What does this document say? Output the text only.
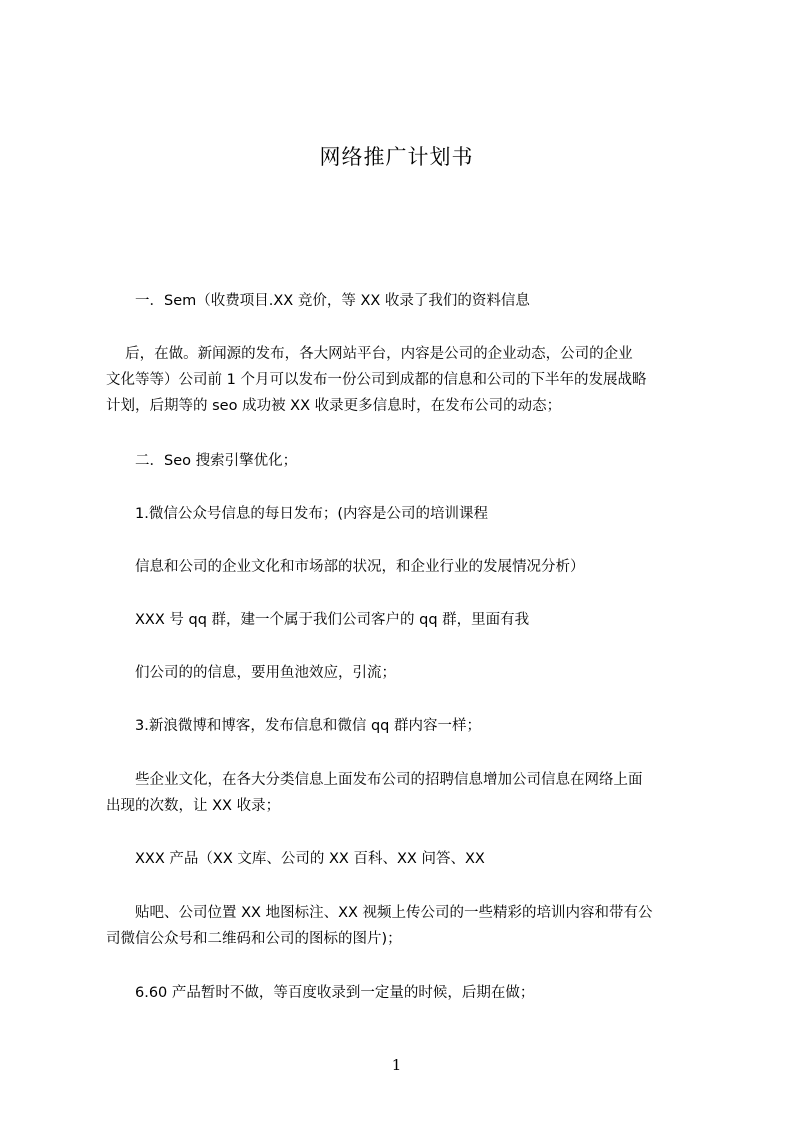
网络推广计划书
　　一．Sem（收费项目.XX 竞价，等 XX 收录了我们的资料信息
　 后，在做。新闻源的发布，各大网站平台，内容是公司的企业动态，公司的企业
文化等等）公司前 1 个月可以发布一份公司到成都的信息和公司的下半年的发展战略
计划，后期等的 seo 成功被 XX 收录更多信息时，在发布公司的动态；
　　二．Seo 搜索引擎优化；
　　1.微信公众号信息的每日发布；(内容是公司的培训课程
　　信息和公司的企业文化和市场部的状况，和企业行业的发展情况分析）
　　XXX 号 qq 群，建一个属于我们公司客户的 qq 群，里面有我
　　们公司的的信息，要用鱼池效应，引流；
　　3.新浪微博和博客，发布信息和微信 qq 群内容一样；
　　些企业文化，在各大分类信息上面发布公司的招聘信息增加公司信息在网络上面
出现的次数，让 XX 收录；
　　XXX 产品（XX 文库、公司的 XX 百科、XX 问答、XX
　　贴吧、公司位置 XX 地图标注、XX 视频上传公司的一些精彩的培训内容和带有公
司微信公众号和二维码和公司的图标的图片)；
　　6.60 产品暂时不做，等百度收录到一定量的时候，后期在做；
1
